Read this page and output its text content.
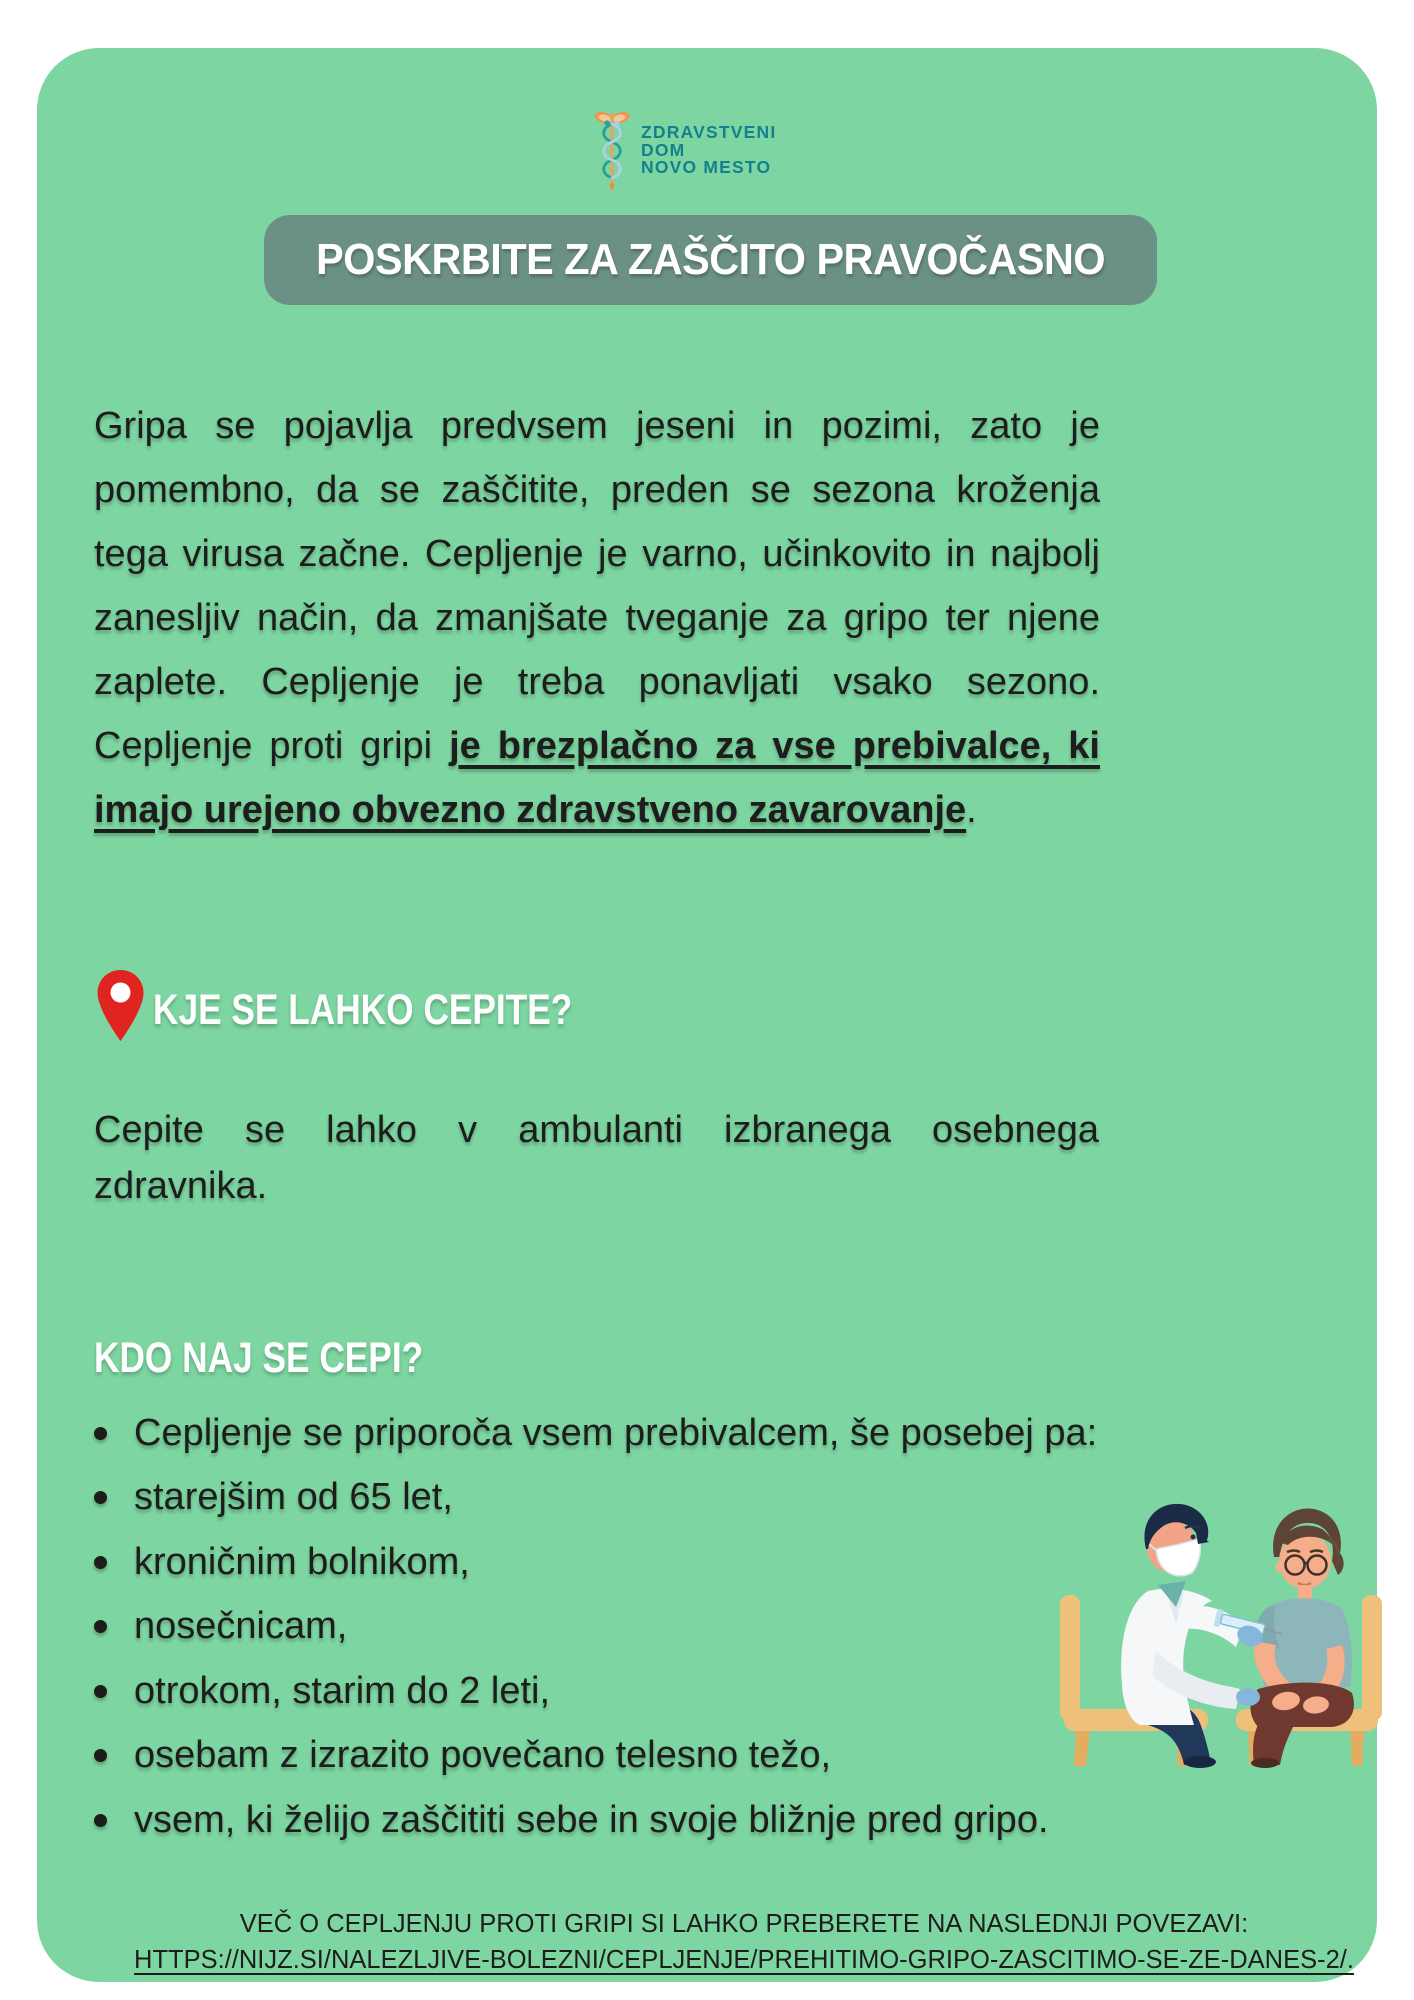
ZDRAVSTVENI
DOM
NOVO MESTO
POSKRBITE ZA ZAŠČITO PRAVOČASNO

Gripa se pojavlja predvsem jeseni in pozimi, zato je pomembno, da se zaščitite, preden se sezona kroženja tega virusa začne. Cepljenje je varno, učinkovito in najbolj zanesljiv način, da zmanjšate tveganje za gripo ter njene zaplete. Cepljenje je treba ponavljati vsako sezono. Cepljenje proti gripi je brezplačno za vse prebivalce, ki imajo urejeno obvezno zdravstveno zavarovanje.

KJE SE LAHKO CEPITE?

Cepite se lahko v ambulanti izbranega osebnega zdravnika.

KDO NAJ SE CEPI?
Cepljenje se priporoča vsem prebivalcem, še posebej pa:
starejšim od 65 let,
kroničnim bolnikom,
nosečnicam,
otrokom, starim do 2 leti,
osebam z izrazito povečano telesno težo,
vsem, ki želijo zaščititi sebe in svoje bližnje pred gripo.
VEČ O CEPLJENJU PROTI GRIPI SI LAHKO PREBERETE NA NASLEDNJI POVEZAVI:
HTTPS://NIJZ.SI/NALEZLJIVE-BOLEZNI/CEPLJENJE/PREHITIMO-GRIPO-ZASCITIMO-SE-ZE-DANES-2/.
